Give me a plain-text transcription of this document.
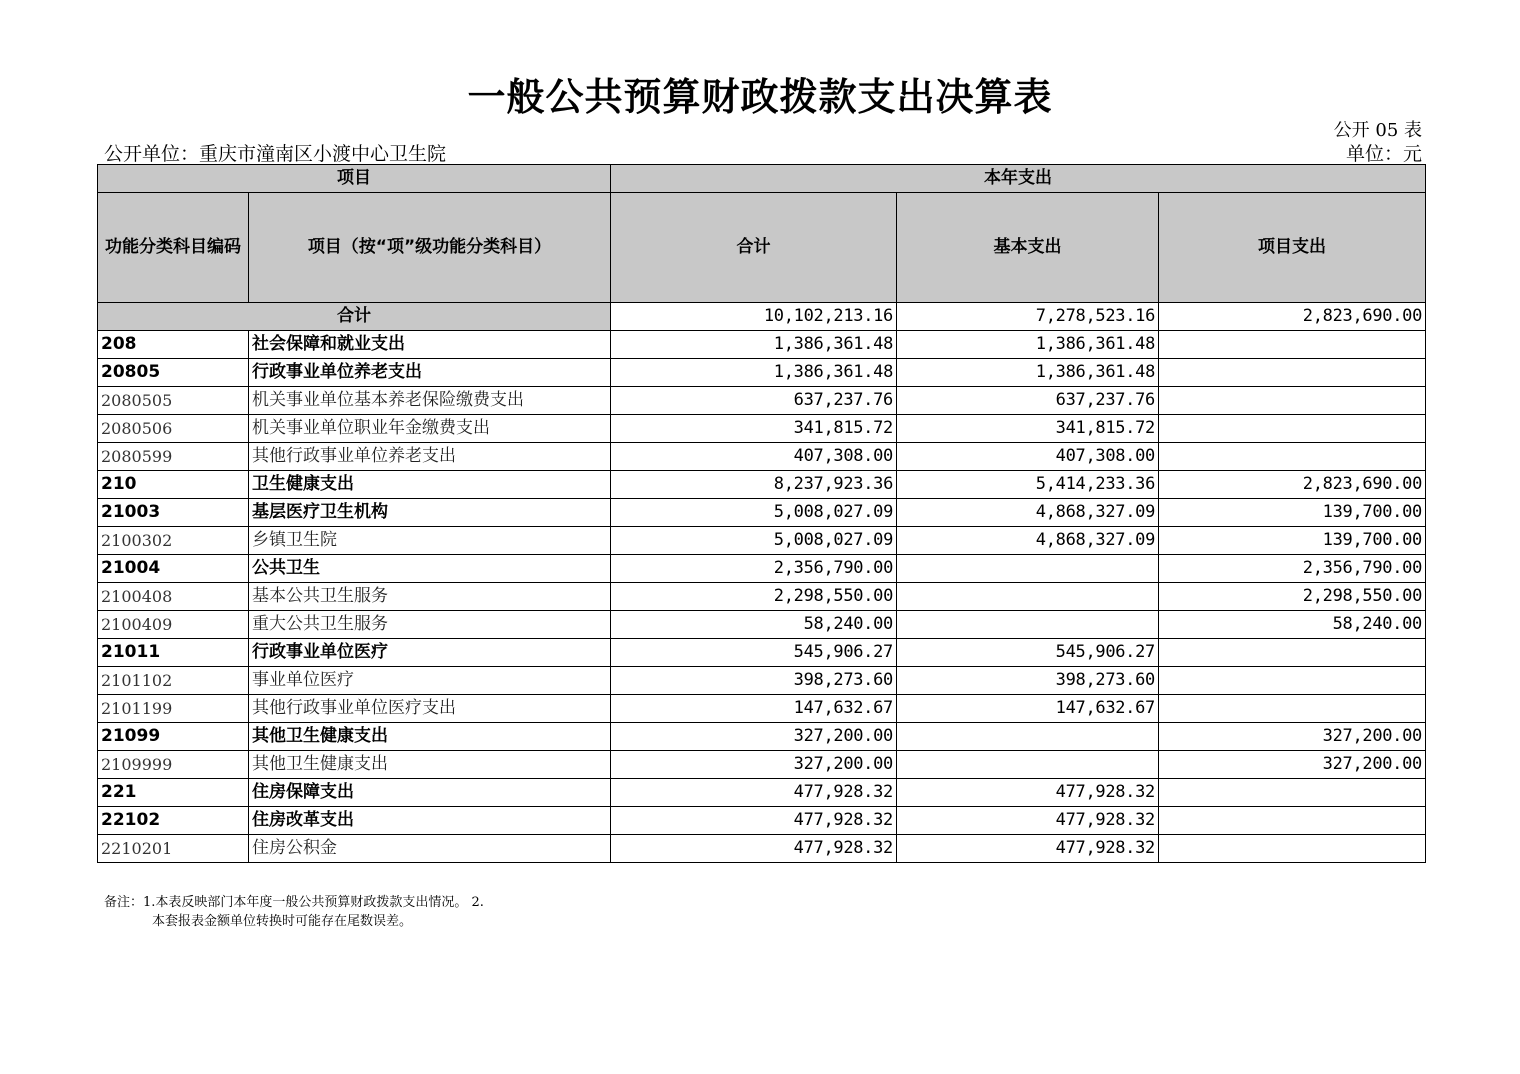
一般公共预算财政拨款支出决算表
公开 05 表
公开单位：重庆市潼南区小渡中心卫生院	单位：元
项目		本年支出		
功能分类科目编码	项目（按“项”级功能分类科目）	合计	基本支出	项目支出
合计		10,102,213.16	7,278,523.16	2,823,690.00
208	社会保障和就业支出	1,386,361.48	1,386,361.48	
20805	行政事业单位养老支出	1,386,361.48	1,386,361.48	
2080505	机关事业单位基本养老保险缴费支出	637,237.76	637,237.76	
2080506	机关事业单位职业年金缴费支出	341,815.72	341,815.72	
2080599	其他行政事业单位养老支出	407,308.00	407,308.00	
210	卫生健康支出	8,237,923.36	5,414,233.36	2,823,690.00
21003	基层医疗卫生机构	5,008,027.09	4,868,327.09	139,700.00
2100302	乡镇卫生院	5,008,027.09	4,868,327.09	139,700.00
21004	公共卫生	2,356,790.00		2,356,790.00
2100408	基本公共卫生服务	2,298,550.00		2,298,550.00
2100409	重大公共卫生服务	58,240.00		58,240.00
21011	行政事业单位医疗	545,906.27	545,906.27	
2101102	事业单位医疗	398,273.60	398,273.60	
2101199	其他行政事业单位医疗支出	147,632.67	147,632.67	
21099	其他卫生健康支出	327,200.00		327,200.00
2109999	其他卫生健康支出	327,200.00		327,200.00
221	住房保障支出	477,928.32	477,928.32	
22102	住房改革支出	477,928.32	477,928.32	
2210201	住房公积金	477,928.32	477,928.32	
备注：1.本表反映部门本年度一般公共预算财政拨款支出情况。 2.
本套报表金额单位转换时可能存在尾数误差。
